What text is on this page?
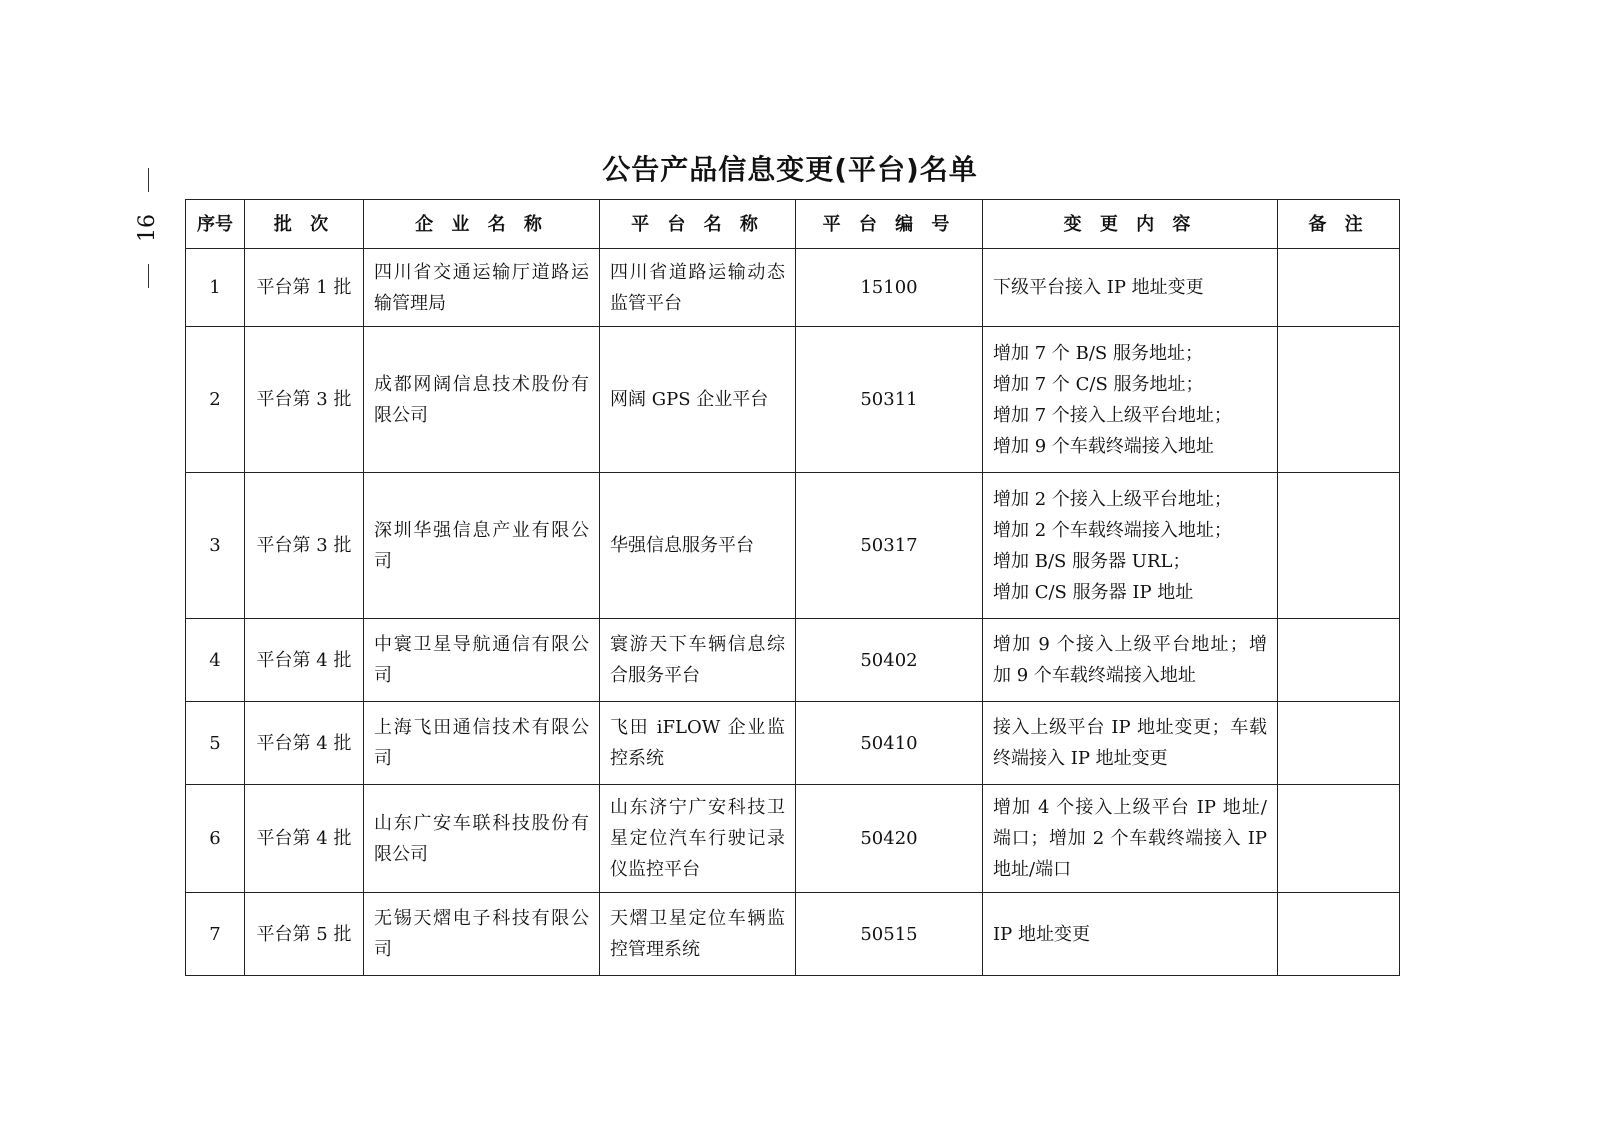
16
公告产品信息变更(平台)名单
序号	批 次	企 业 名 称	平 台 名 称	平 台 编 号	变 更 内 容	备 注
1	平台第 1 批	四川省交通运输厅道路运输管理局	四川省道路运输动态监管平台	15100	下级平台接入 IP 地址变更	

2	平台第 3 批	成都网阔信息技术股份有限公司	网阔 GPS 企业平台	50311	增加 7 个 B/S 服务地址；
增加 7 个 C/S 服务地址；
增加 7 个接入上级平台地址；
增加 9 个车载终端接入地址	

3	平台第 3 批	深圳华强信息产业有限公司	华强信息服务平台	50317	增加 2 个接入上级平台地址；
增加 2 个车载终端接入地址；
增加 B/S 服务器 URL；
增加 C/S 服务器 IP 地址	

4	平台第 4 批	中寰卫星导航通信有限公司	寰游天下车辆信息综合服务平台	50402	增加 9 个接入上级平台地址；增加 9 个车载终端接入地址	

5	平台第 4 批	上海飞田通信技术有限公司	飞田 iFLOW 企业监控系统	50410	接入上级平台 IP 地址变更；车载终端接入 IP 地址变更	

6	平台第 4 批	山东广安车联科技股份有限公司	山东济宁广安科技卫星定位汽车行驶记录仪监控平台	50420	增加 4 个接入上级平台 IP 地址/端口；增加 2 个车载终端接入 IP 地址/端口	

7	平台第 5 批	无锡天熠电子科技有限公司	天熠卫星定位车辆监控管理系统	50515	IP 地址变更	
